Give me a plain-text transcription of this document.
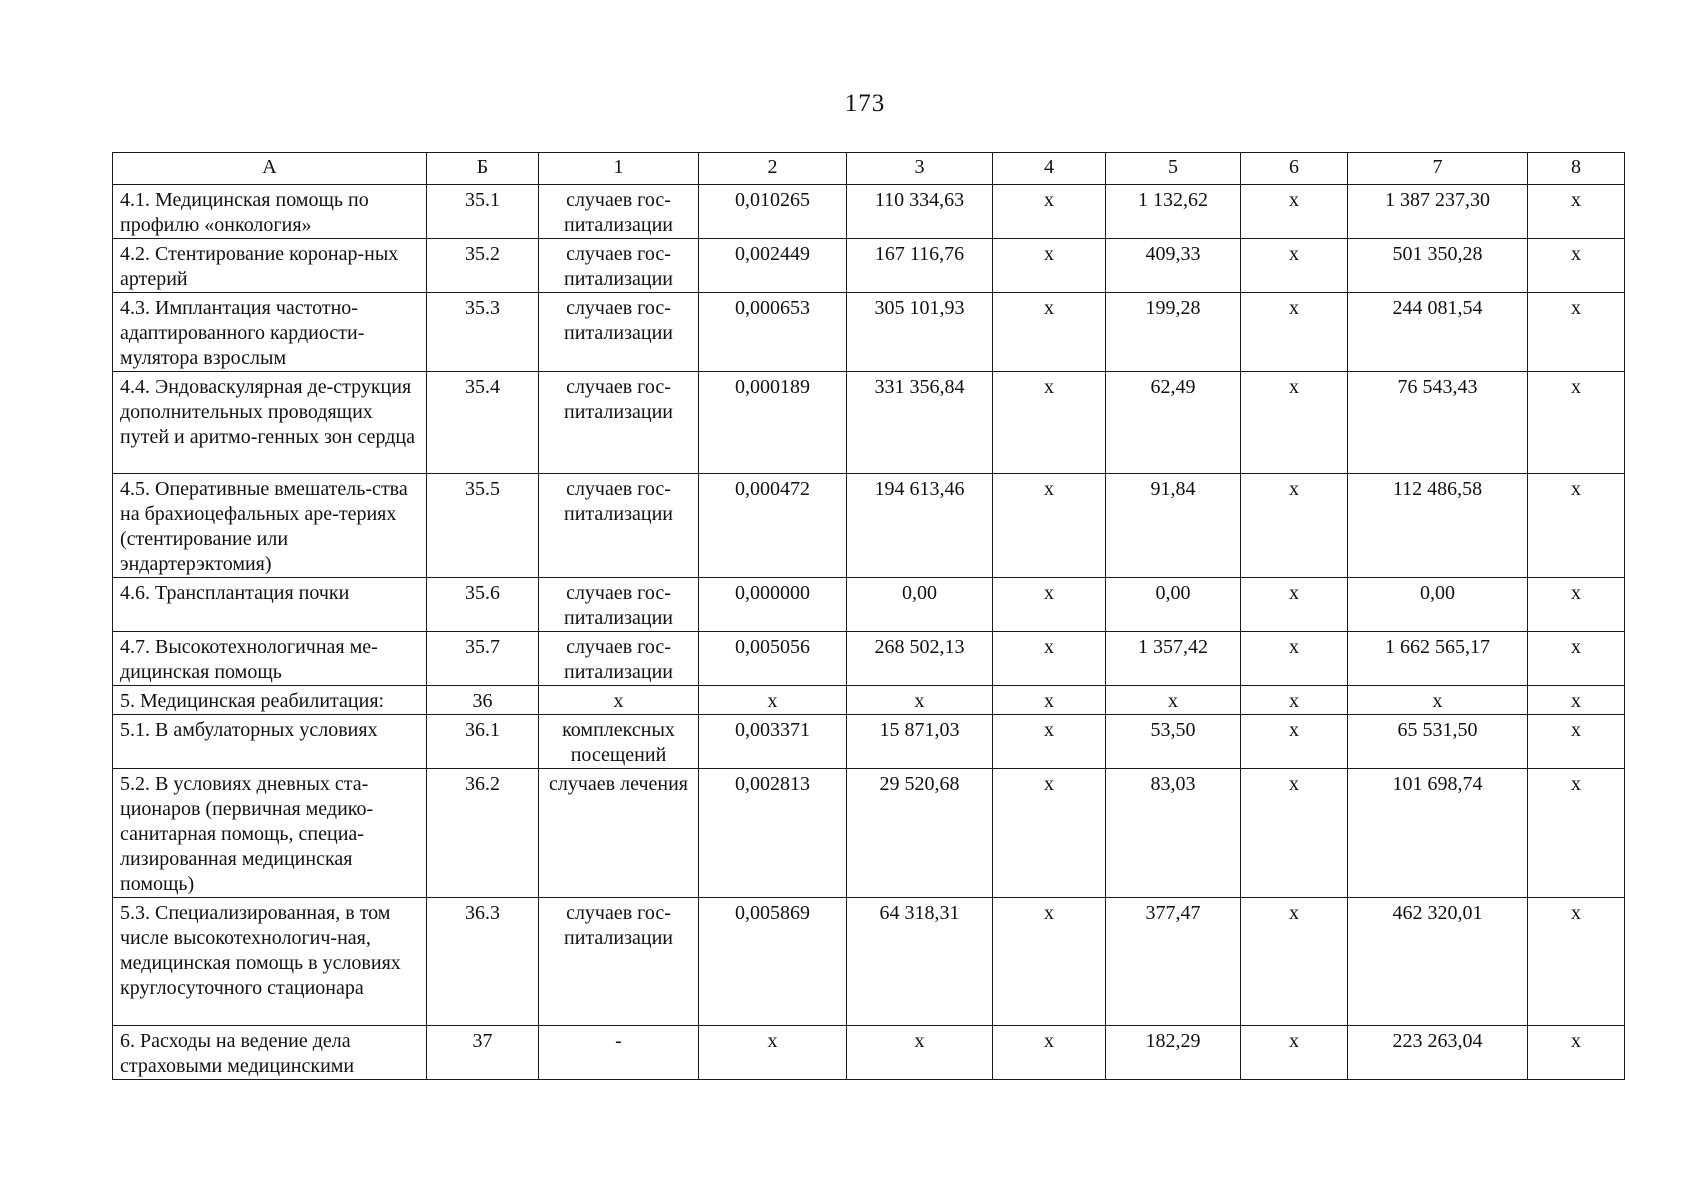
173
А	Б	1	2	3	4	5	6	7	8
4.1. Медицинская помощь по профилю «онкология»	35.1	случаев гос-питализации	0,010265	110 334,63	x	1 132,62	x	1 387 237,30	x
4.2. Стентирование коронар-ных артерий	35.2	случаев гос-питализации	0,002449	167 116,76	x	409,33	x	501 350,28	x
4.3. Имплантация частотно-адаптированного кардиости-мулятора взрослым	35.3	случаев гос-питализации	0,000653	305 101,93	x	199,28	x	244 081,54	x
4.4. Эндоваскулярная де-струкция дополнительных проводящих путей и аритмо-генных зон сердца	35.4	случаев гос-питализации	0,000189	331 356,84	x	62,49	x	76 543,43	x
4.5. Оперативные вмешатель-ства на брахиоцефальных аре-териях (стентирование или эндартерэктомия)	35.5	случаев гос-питализации	0,000472	194 613,46	x	91,84	x	112 486,58	x
4.6. Трансплантация почки	35.6	случаев гос-питализации	0,000000	0,00	x	0,00	x	0,00	x
4.7. Высокотехнологичная ме-дицинская помощь	35.7	случаев гос-питализации	0,005056	268 502,13	x	1 357,42	x	1 662 565,17	x
5. Медицинская реабилитация:	36	x	x	x	x	x	x	x	x
5.1. В амбулаторных условиях	36.1	комплексных посещений	0,003371	15 871,03	x	53,50	x	65 531,50	x
5.2. В условиях дневных ста-ционаров (первичная медико-санитарная помощь, специа-лизированная медицинская помощь)	36.2	случаев лечения	0,002813	29 520,68	x	83,03	x	101 698,74	x
5.3. Специализированная, в том числе высокотехнологич-ная, медицинская помощь в условиях круглосуточного стационара	36.3	случаев гос-питализации	0,005869	64 318,31	x	377,47	x	462 320,01	x
6. Расходы на ведение дела страховыми медицинскими	37	-	x	x	x	182,29	x	223 263,04	x
